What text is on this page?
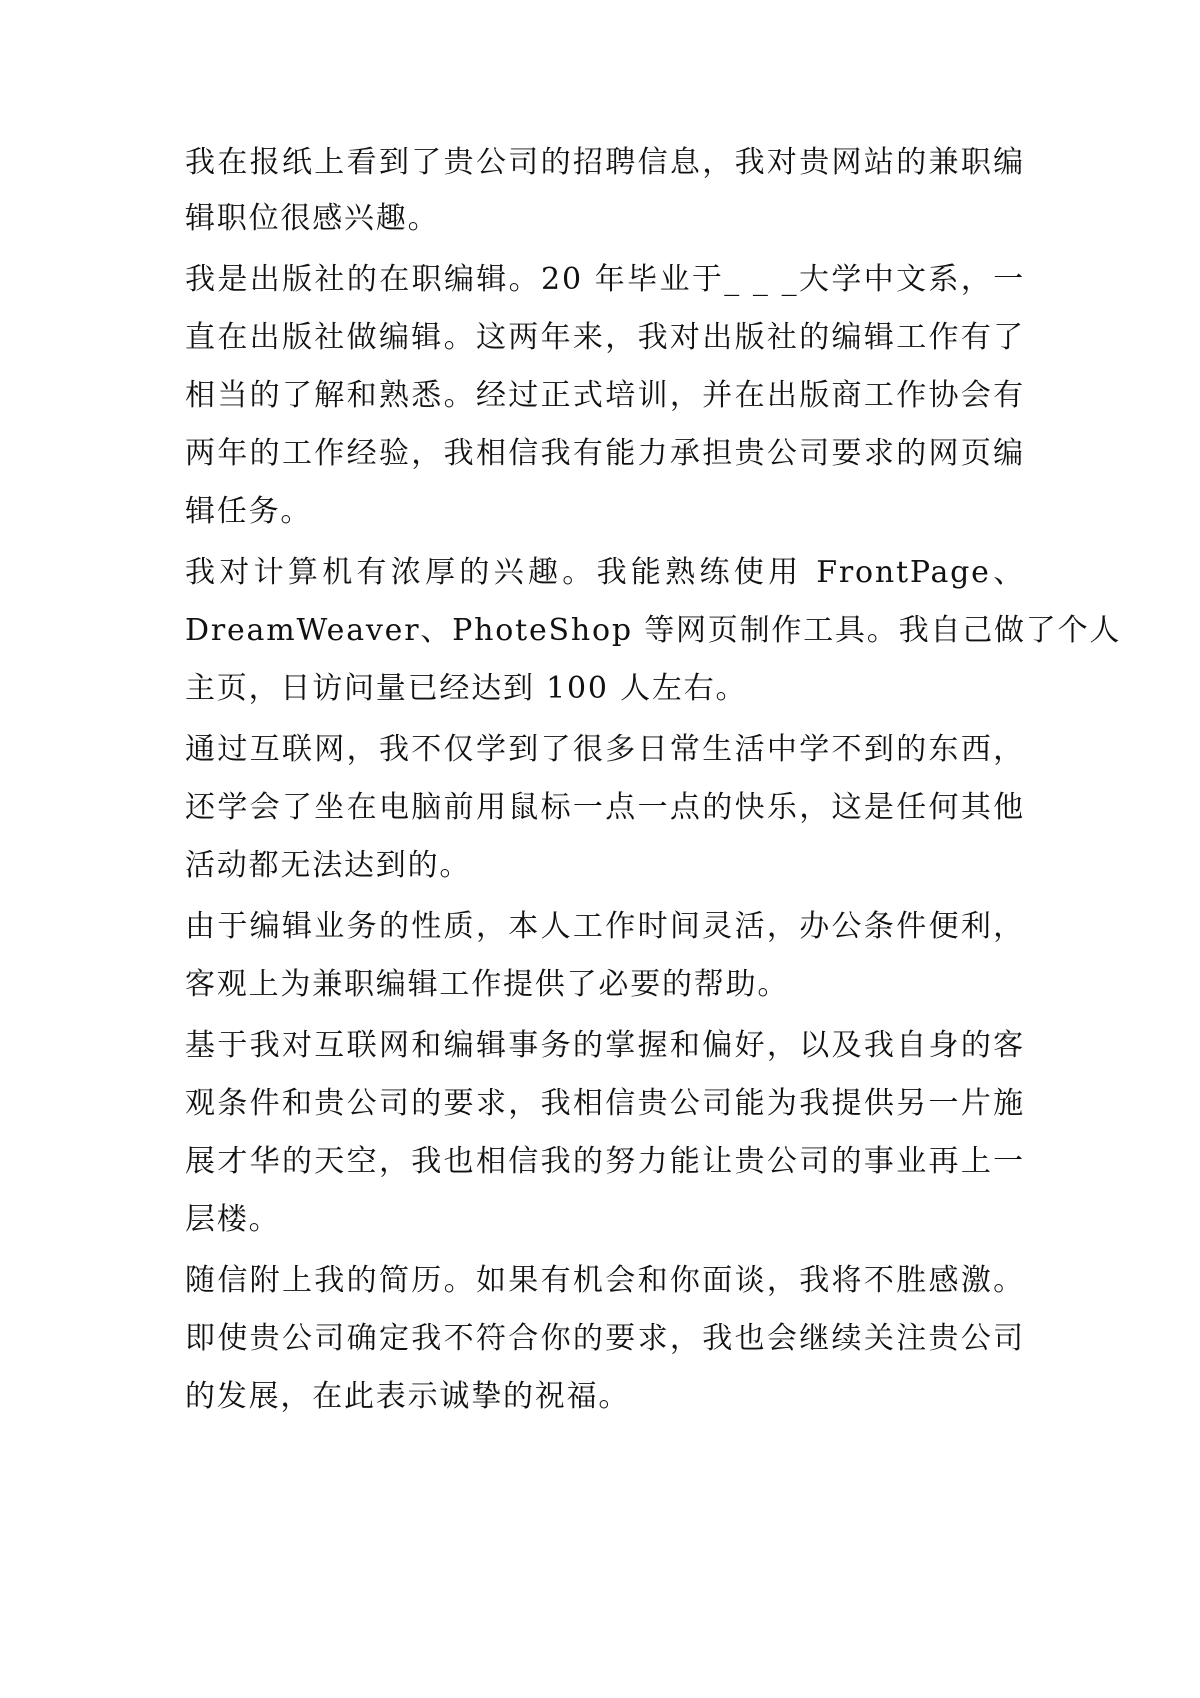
我在报纸上看到了贵公司的招聘信息，我对贵网站的兼职编
辑职位很感兴趣。
我是出版社的在职编辑。20 年毕业于_ _ _大学中文系，一
直在出版社做编辑。这两年来，我对出版社的编辑工作有了
相当的了解和熟悉。经过正式培训，并在出版商工作协会有
两年的工作经验，我相信我有能力承担贵公司要求的网页编
辑任务。
我对计算机有浓厚的兴趣。我能熟练使用 FrontPage、
DreamWeaver、PhoteShop 等网页制作工具。我自己做了个人
主页，日访问量已经达到 100 人左右。
通过互联网，我不仅学到了很多日常生活中学不到的东西，
还学会了坐在电脑前用鼠标一点一点的快乐，这是任何其他
活动都无法达到的。
由于编辑业务的性质，本人工作时间灵活，办公条件便利，
客观上为兼职编辑工作提供了必要的帮助。
基于我对互联网和编辑事务的掌握和偏好，以及我自身的客
观条件和贵公司的要求，我相信贵公司能为我提供另一片施
展才华的天空，我也相信我的努力能让贵公司的事业再上一
层楼。
随信附上我的简历。如果有机会和你面谈，我将不胜感激。
即使贵公司确定我不符合你的要求，我也会继续关注贵公司
的发展，在此表示诚挚的祝福。
